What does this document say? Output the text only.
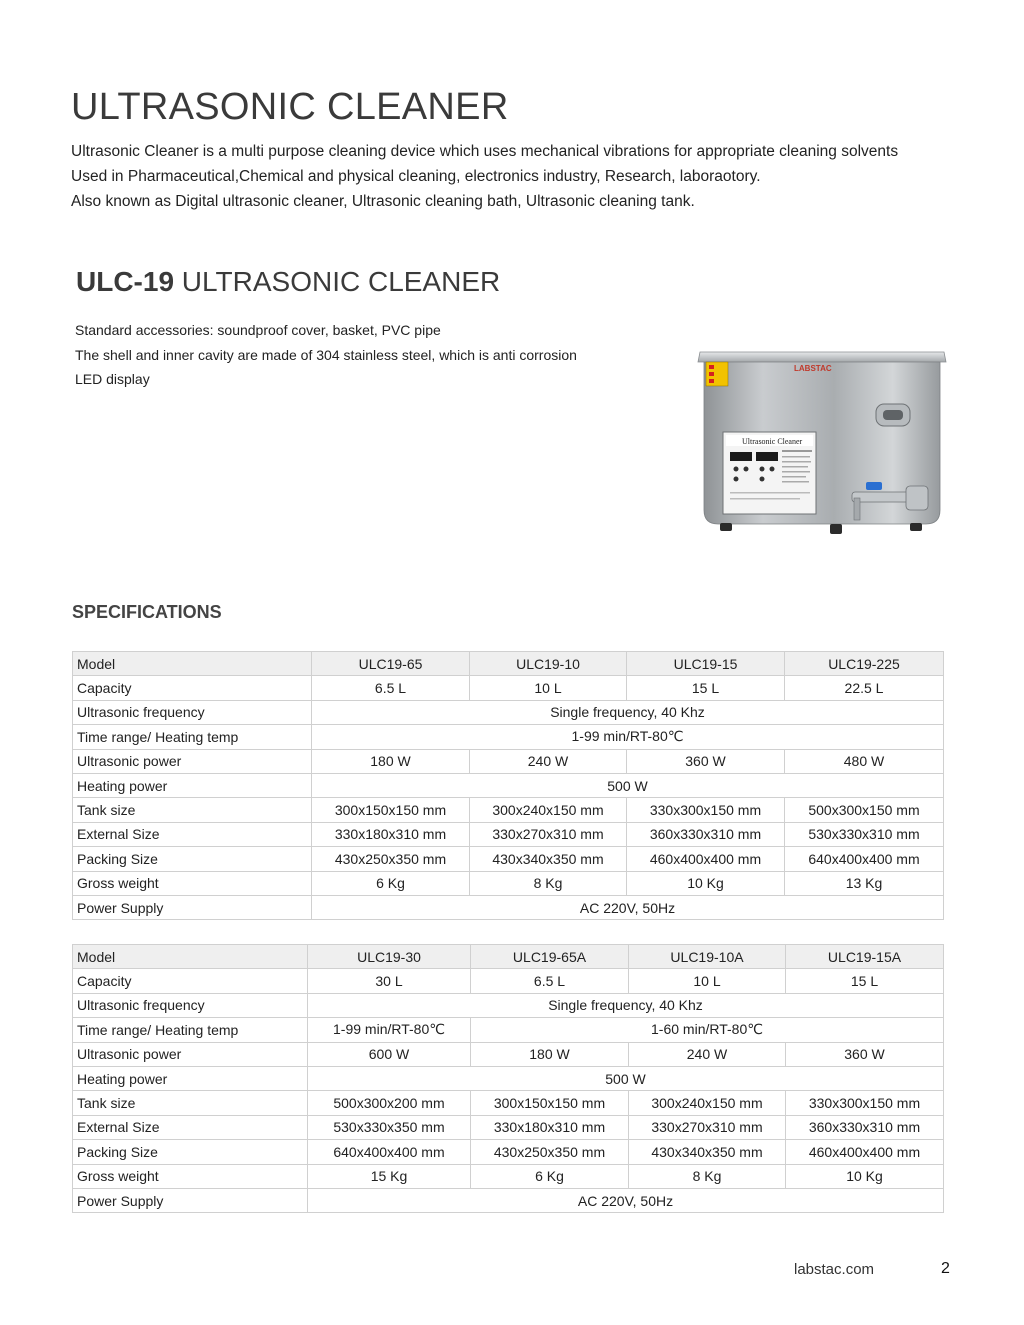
ULTRASONIC CLEANER

Ultrasonic Cleaner is a multi purpose cleaning device which uses mechanical vibrations for appropriate cleaning solvents

Used in Pharmaceutical,Chemical and physical cleaning, electronics industry, Research, laboraotory.

Also known as Digital ultrasonic cleaner, Ultrasonic cleaning bath, Ultrasonic cleaning tank.

ULC-19 ULTRASONIC CLEANER

Standard accessories: soundproof cover, basket, PVC pipe

The shell and inner cavity are made of 304 stainless steel, which is anti corrosion

LED display

LABSTAC
Ultrasonic Cleaner
SPECIFICATIONS
Model	ULC19-65	ULC19-10	ULC19-15	ULC19-225
Capacity	6.5 L	10 L	15 L	22.5 L
Ultrasonic frequency	Single frequency, 40 Khz			
Time range/ Heating temp	1-99 min/RT-80℃			
Ultrasonic power	180 W	240 W	360 W	480 W
Heating power	500 W			
Tank size	300x150x150 mm	300x240x150 mm	330x300x150 mm	500x300x150 mm
External Size	330x180x310 mm	330x270x310 mm	360x330x310 mm	530x330x310 mm
Packing Size	430x250x350 mm	430x340x350 mm	460x400x400 mm	640x400x400 mm
Gross weight	6 Kg	8 Kg	10 Kg	13 Kg
Power Supply	AC 220V, 50Hz			
Model	ULC19-30	ULC19-65A	ULC19-10A	ULC19-15A
Capacity	30 L	6.5 L	10 L	15 L
Ultrasonic frequency	Single frequency, 40 Khz			
Time range/ Heating temp	1-99 min/RT-80℃	1-60 min/RT-80℃		
Ultrasonic power	600 W	180 W	240 W	360 W
Heating power	500 W			
Tank size	500x300x200 mm	300x150x150 mm	300x240x150 mm	330x300x150 mm
External Size	530x330x350 mm	330x180x310 mm	330x270x310 mm	360x330x310 mm
Packing Size	640x400x400 mm	430x250x350 mm	430x340x350 mm	460x400x400 mm
Gross weight	15 Kg	6 Kg	8 Kg	10 Kg
Power Supply	AC 220V, 50Hz			
labstac.com	2
